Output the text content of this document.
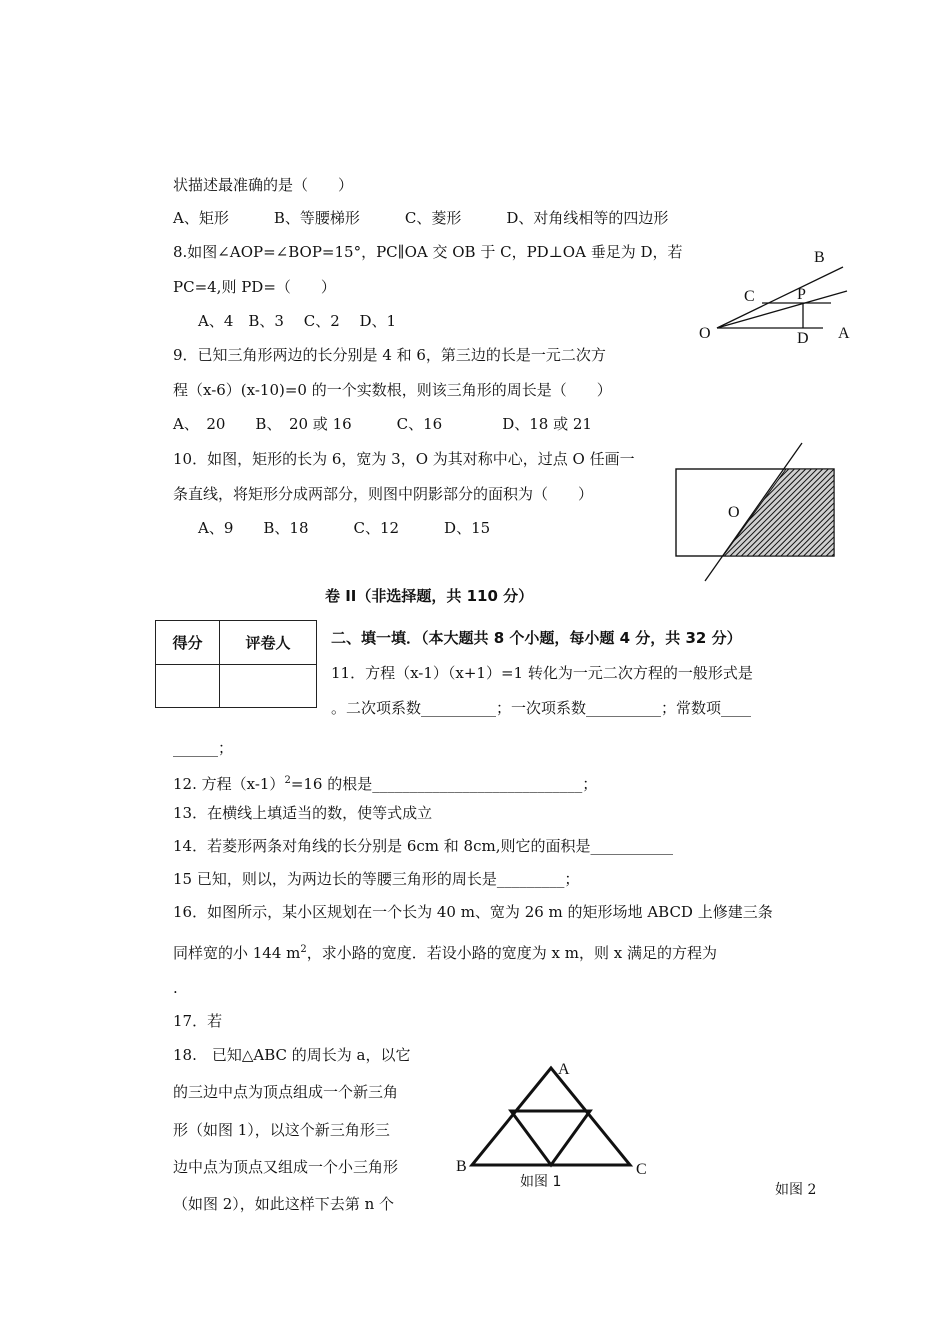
状描述最准确的是（　　）
A、矩形　　　B、等腰梯形　　　C、菱形　　　D、对角线相等的四边形
8.如图∠AOP=∠BOP=15°，PC∥OA 交 OB 于 C，PD⊥OA 垂足为 D，若
PC=4,则 PD=（　　）
A、4　B、3　 C、2　 D、1
B
C	P
O	D A
9．已知三角形两边的长分别是 4 和 6，第三边的长是一元二次方
程（x-6）(x-10)=0 的一个实数根，则该三角形的周长是（　　）
A、　20　　B、　20 或 16　　　C、16　　　　D、18 或 21
10．如图，矩形的长为 6，宽为 3，O 为其对称中心，过点 O 任画一
条直线，将矩形分成两部分，则图中阴影部分的面积为（　　）
A、9　　B、18　　　C、12　　　D、15
O
卷 II（非选择题，共 110 分）
得分	评卷人	二、填一填．（本大题共 8 个小题，每小题 4 分，共 32 分）
11．方程（x-1）（x+1）=1 转化为一元二次方程的一般形式是
。二次项系数__________；一次项系数__________；常数项____
______；
12. 方程$(x-1)^2=16$ 的根是____________________________；
13．在横线上填适当的数，使等式成立
14．若菱形两条对角线的长分别是 6cm 和 8cm,则它的面积是___________
15 已知，则以，为两边长的等腰三角形的周长是_________；
16．如图所示，某小区规划在一个长为 40 m、宽为 26 m 的矩形场地 ABCD 上修建三条
同样宽的小 144 $m^2$，求小路的宽度．若设小路的宽度为 x m，则 x 满足的方程为
.
17．若
18.　已知△ABC 的周长为 a，以它
的三边中点为顶点组成一个新三角
形（如图 1），以这个新三角形三
边中点为顶点又组成一个小三角形
（如图 2），如此这样下去第 n 个
A
B	C
如图 1	如图 2
